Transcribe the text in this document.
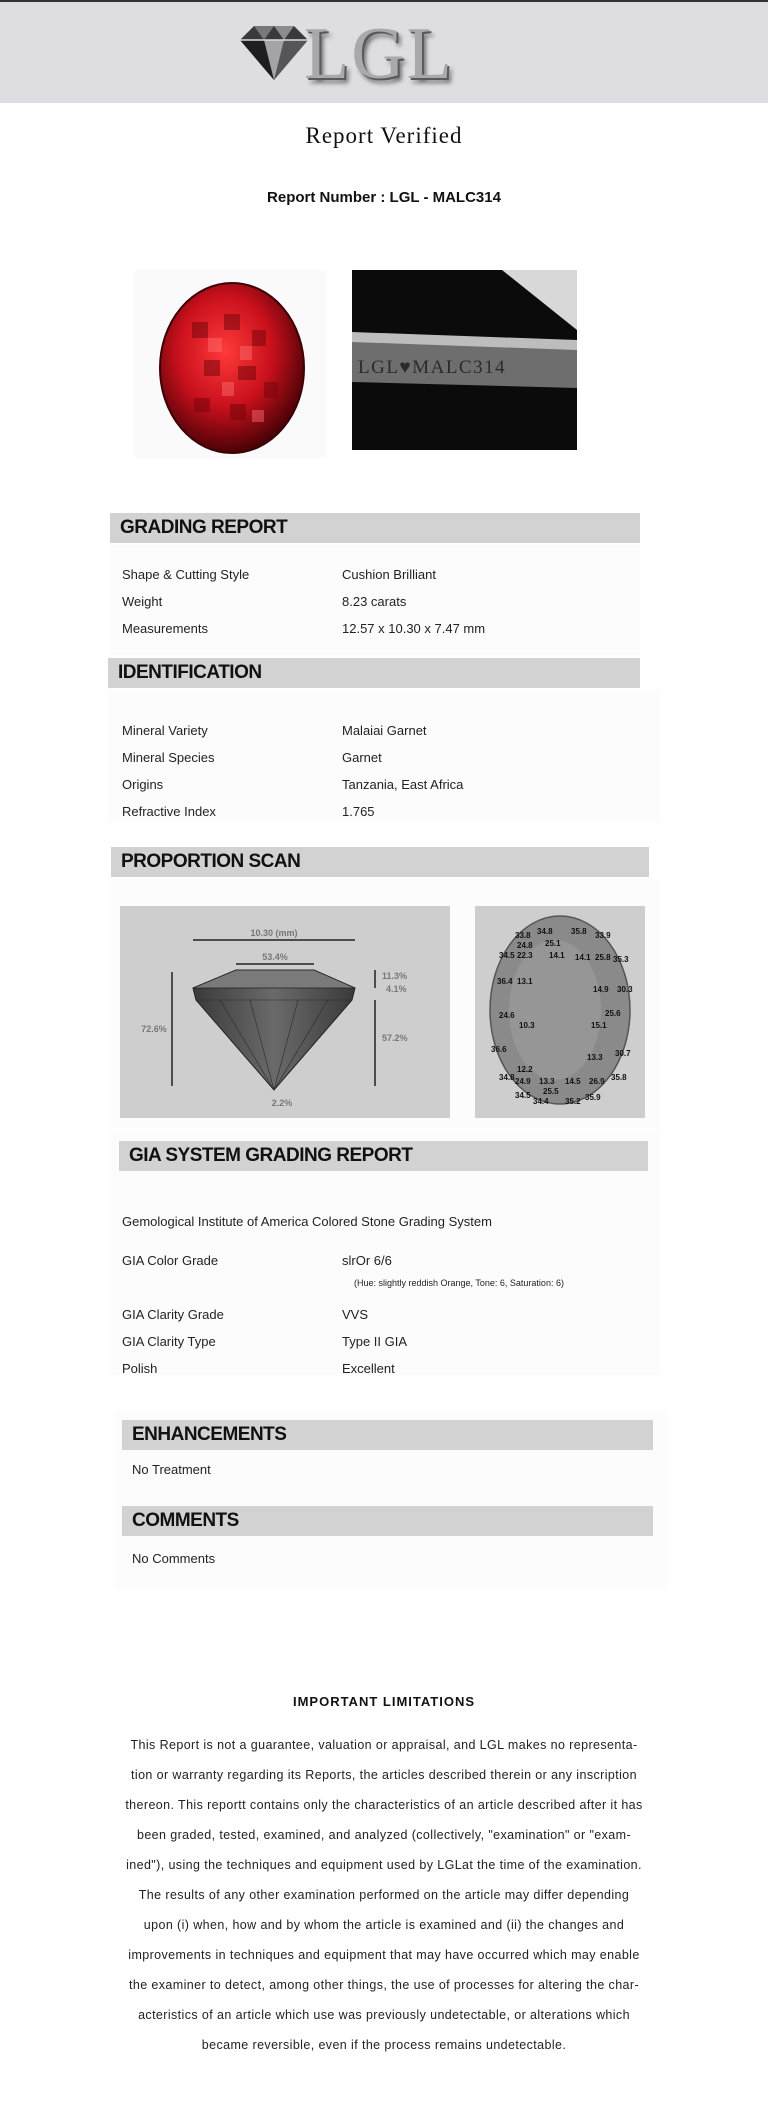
LGL
Report Verified
Report Number : LGL - MALC314
LGL♥MALC314
GRADING REPORT
Shape & Cutting Style	Cushion Brilliant
Weight	8.23 carats
Measurements	12.57 x 10.30 x 7.47 mm
IDENTIFICATION
Mineral Variety	Malaiai Garnet
Mineral Species	Garnet
Origins	Tanzania, East Africa
Refractive Index	1.765
PROPORTION SCAN
10.30 (mm)
53.4%
72.6%
11.3%
4.1%
57.2%
2.2%
33.8 34.8 35.8
24.8 25.1
33.9
34.5 22.3 14.1 14.1 25.8 35.3
36.4 13.1
14.9 30.3
24.6
10.3
25.6
15.1
36.6
13.3 30.7
12.2
34.8 24.9 13.3 14.5 26.9 35.8
34.5 25.5
34.4 35.2 35.9
GIA SYSTEM GRADING REPORT
Gemological Institute of America Colored Stone Grading System
GIA Color Grade	slrOr 6/6
(Hue: slightly reddish Orange, Tone: 6, Saturation: 6)
GIA Clarity Grade	VVS
GIA Clarity Type	Type II GIA
Polish	Excellent
ENHANCEMENTS
No Treatment
COMMENTS
No Comments
IMPORTANT LIMITATIONS
This Report is not a guarantee, valuation or appraisal, and LGL makes no representa-
tion or warranty regarding its Reports, the articles described therein or any inscription
thereon. This reportt contains only the characteristics of an article described after it has
been graded, tested, examined, and analyzed (collectively, "examination" or "exam-
ined"), using the techniques and equipment used by LGLat the time of the examination.
The results of any other examination performed on the article may differ depending
upon (i) when, how and by whom the article is examined and (ii) the changes and
improvements in techniques and equipment that may have occurred which may enable
the examiner to detect, among other things, the use of processes for altering the char-
acteristics of an article which use was previously undetectable, or alterations which
became reversible, even if the process remains undetectable.
